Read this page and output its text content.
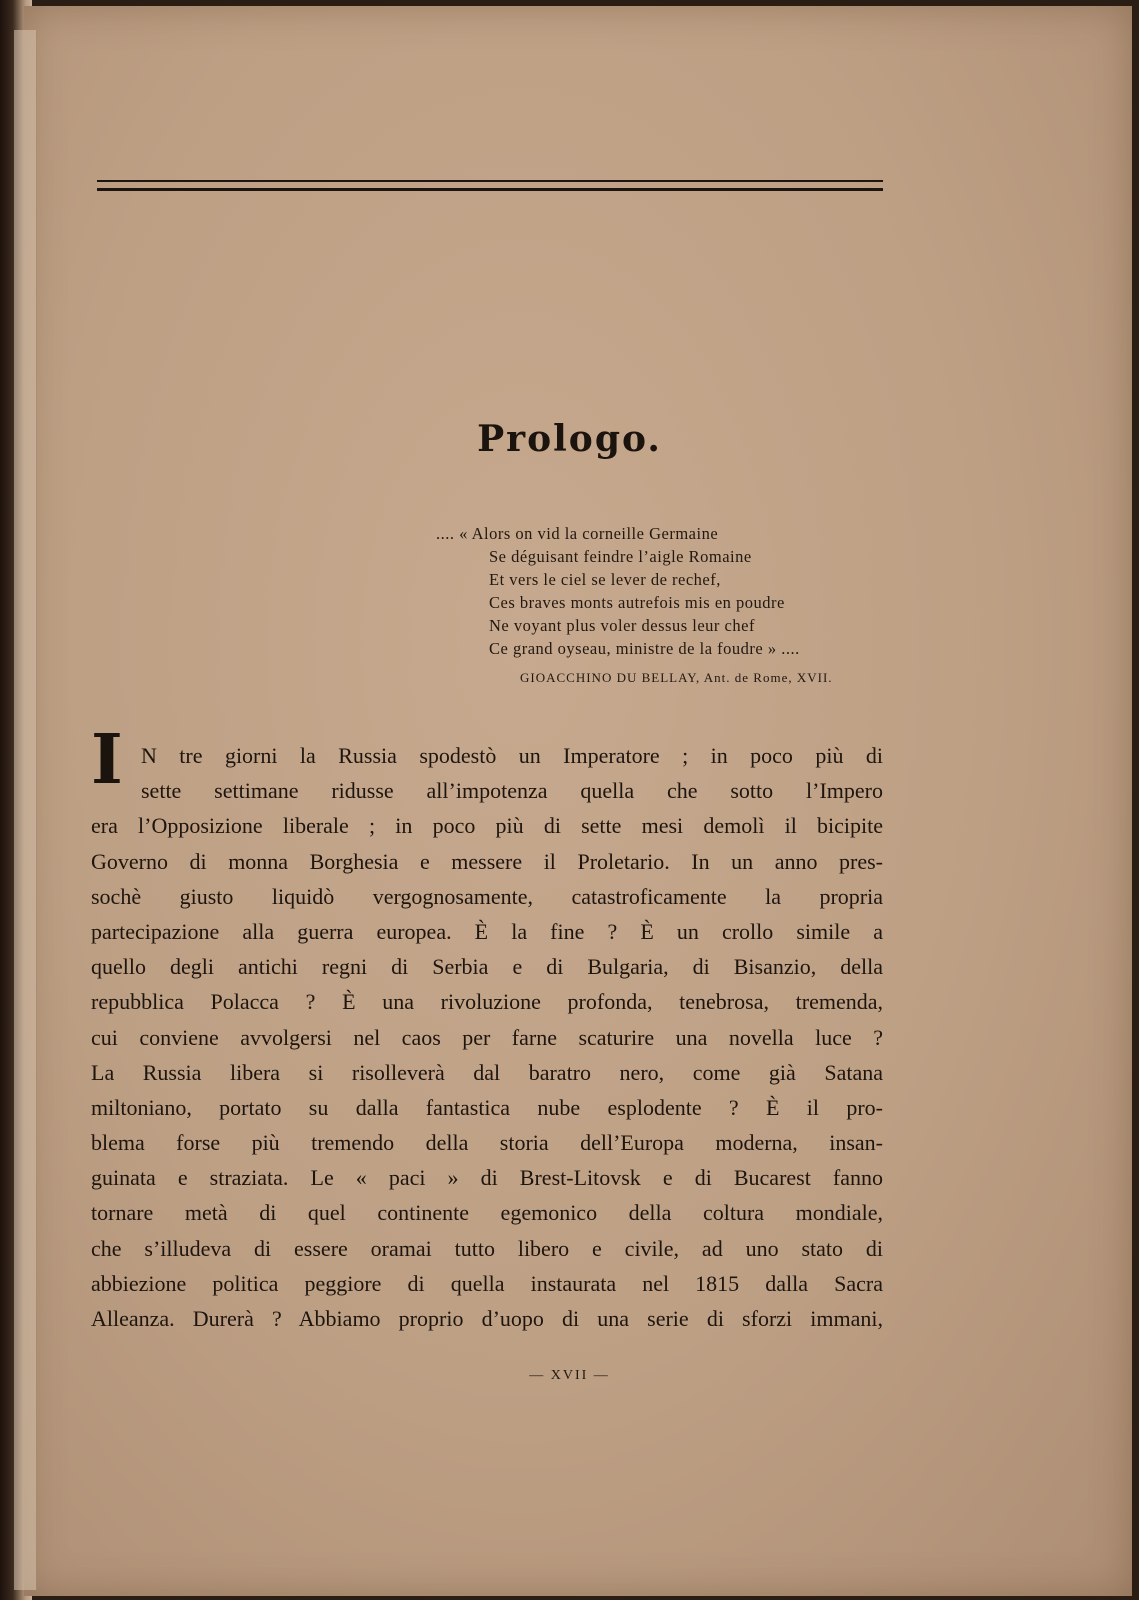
Prologo.
.... « Alors on vid la corneille Germaine
Se déguisant feindre l’aigle Romaine
Et vers le ciel se lever de rechef,
Ces braves monts autrefois mis en poudre
Ne voyant plus voler dessus leur chef
Ce grand oyseau, ministre de la foudre » ....
GIOACCHINO DU BELLAY, Ant. de Rome, XVII.
I N tre giorni la Russia spodestò un Imperatore ; in poco più di
sette settimane ridusse all’impotenza quella che sotto l’Impero
era l’Opposizione liberale ; in poco più di sette mesi demolì il bicipite
Governo di monna Borghesia e messere il Proletario. In un anno pres-
sochè giusto liquidò vergognosamente, catastroficamente la propria
partecipazione alla guerra europea. È la fine ? È un crollo simile a
quello degli antichi regni di Serbia e di Bulgaria, di Bisanzio, della
repubblica Polacca ? È una rivoluzione profonda, tenebrosa, tremenda,
cui conviene avvolgersi nel caos per farne scaturire una novella luce ?
La Russia libera si risolleverà dal baratro nero, come già Satana
miltoniano, portato su dalla fantastica nube esplodente ? È il pro-
blema forse più tremendo della storia dell’Europa moderna, insan-
guinata e straziata. Le « paci » di Brest-Litovsk e di Bucarest fanno
tornare metà di quel continente egemonico della coltura mondiale,
che s’illudeva di essere oramai tutto libero e civile, ad uno stato di
abbiezione politica peggiore di quella instaurata nel 1815 dalla Sacra
Alleanza. Durerà ? Abbiamo proprio d’uopo di una serie di sforzi immani,
— XVII —
